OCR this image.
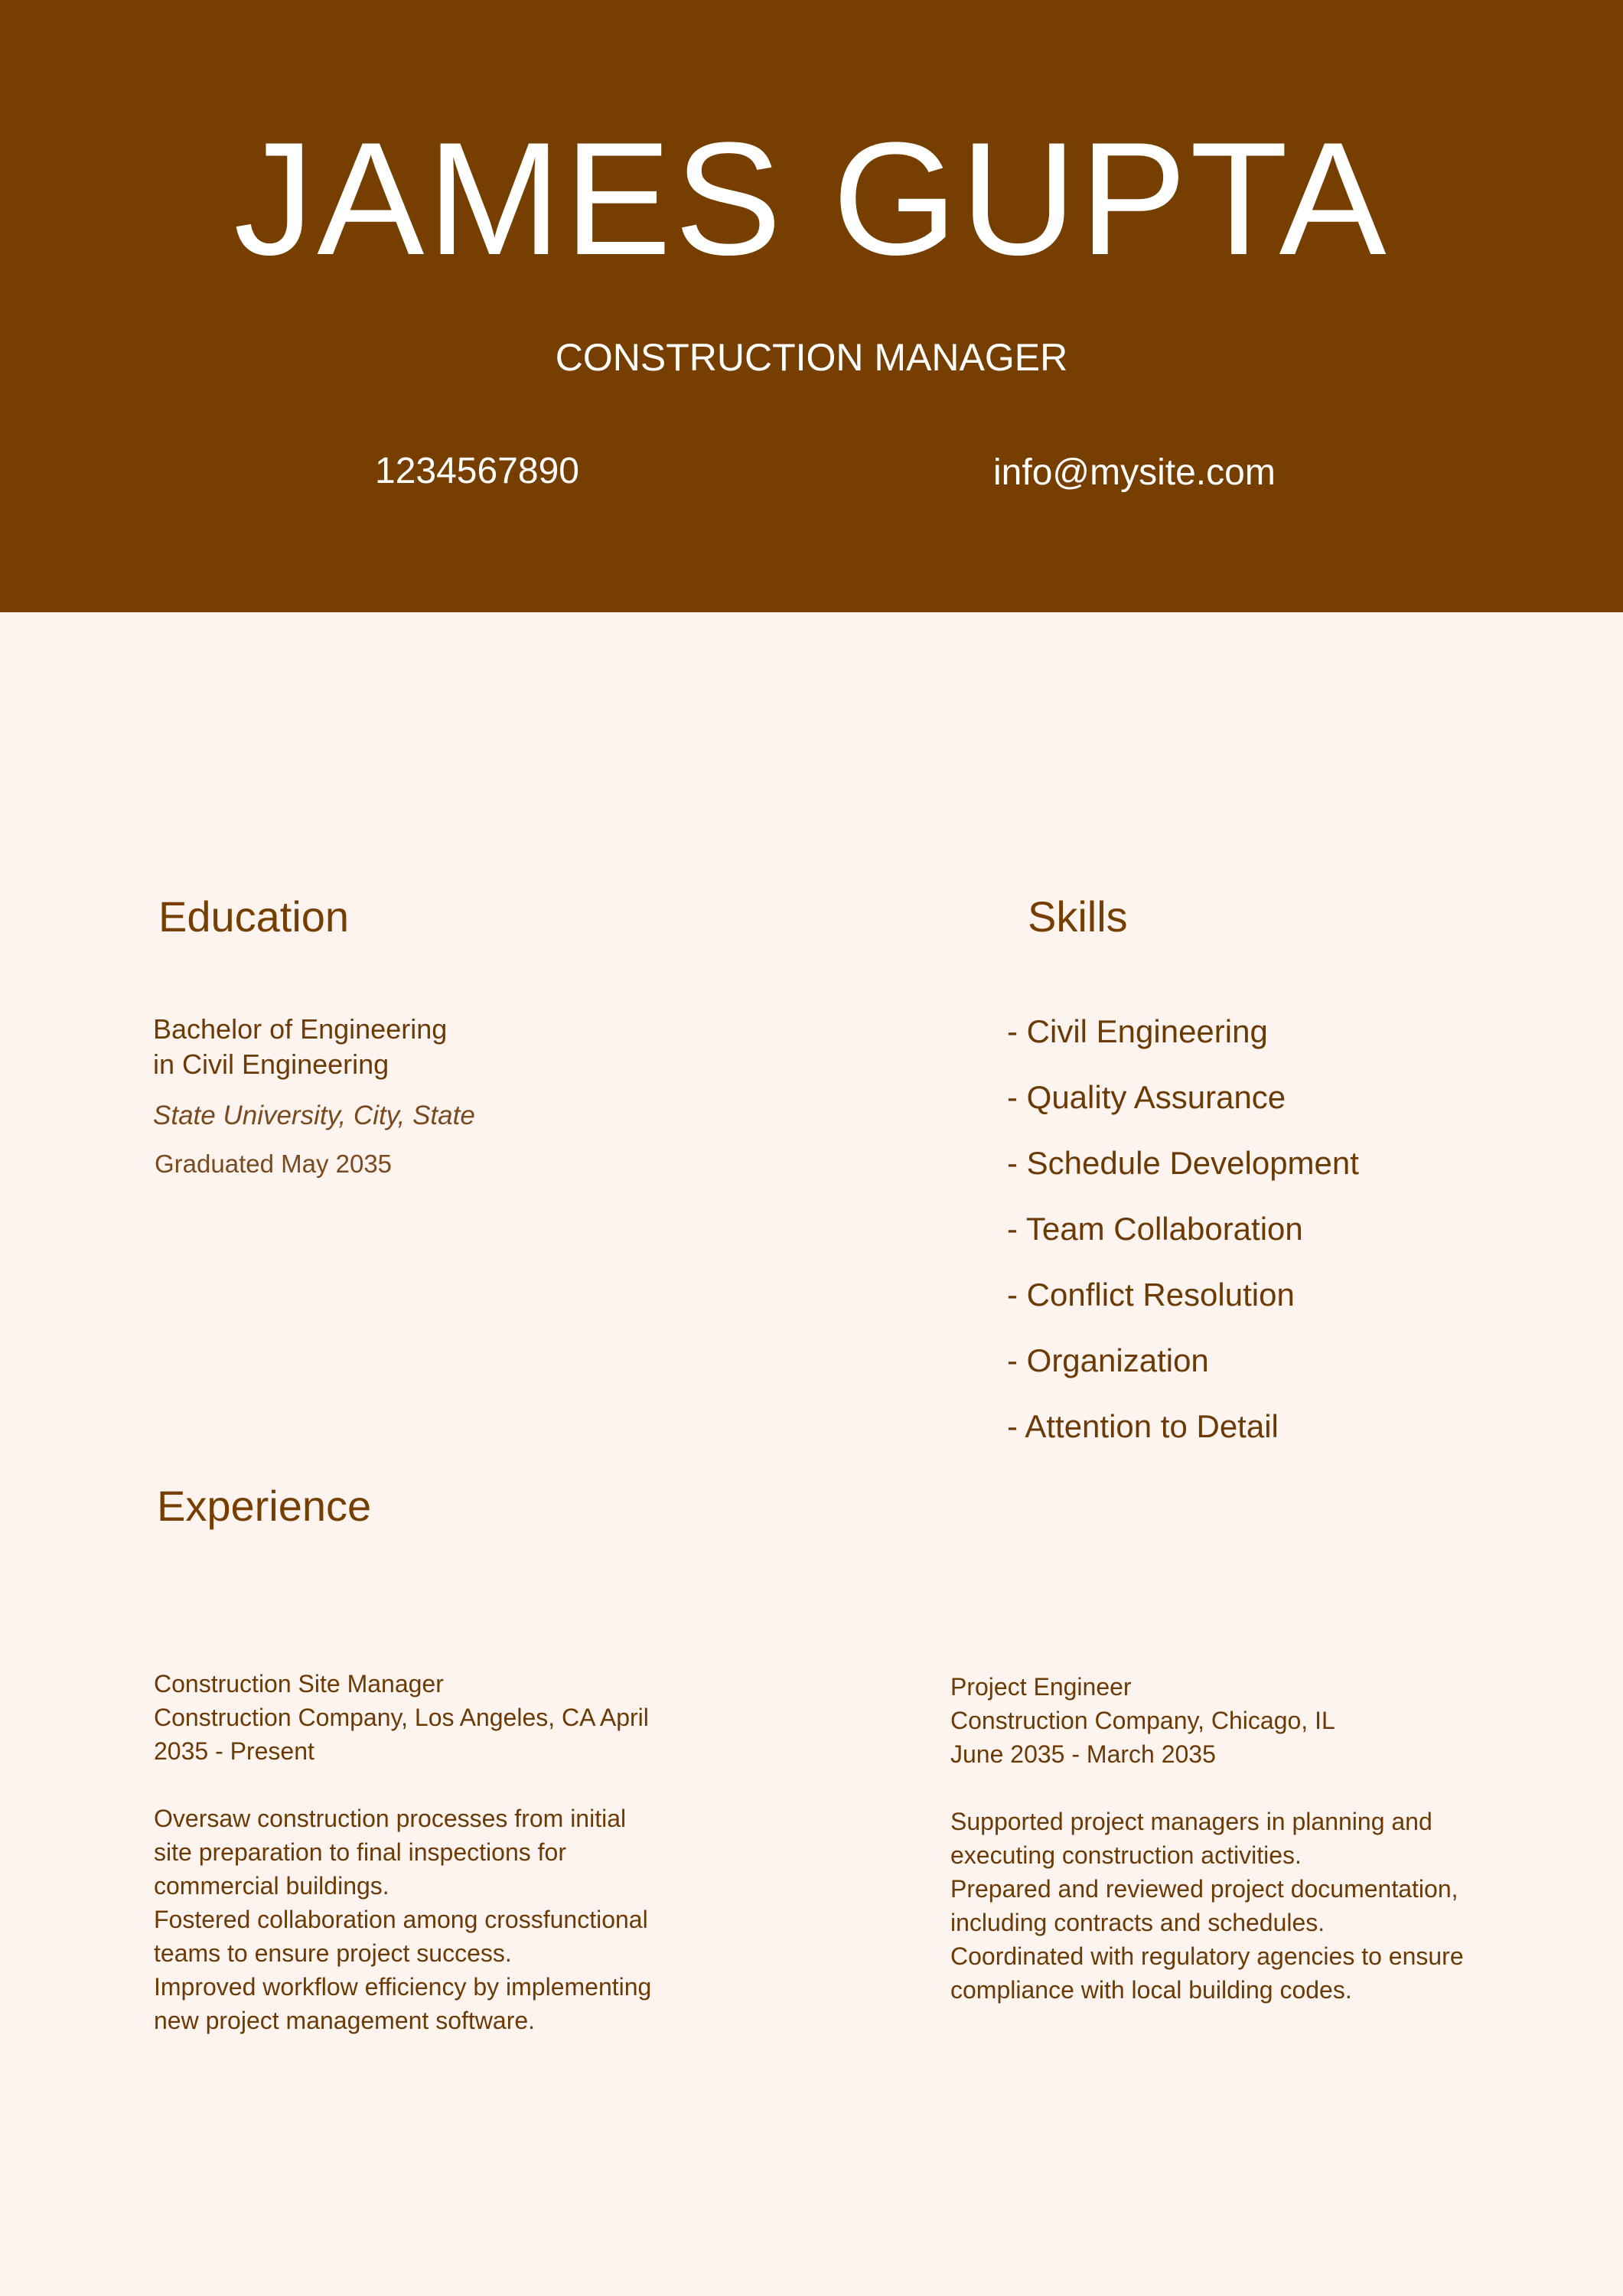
JAMES GUPTA
CONSTRUCTION MANAGER
1234567890	info@mysite.com
Education
Bachelor of Engineering
in Civil Engineering
State University, City, State
Graduated May 2035
Skills
- Civil Engineering
- Quality Assurance
- Schedule Development
- Team Collaboration
- Conflict Resolution
- Organization
- Attention to Detail
Experience

Construction Site Manager

Construction Company, Los Angeles, CA April

2035 - Present

Oversaw construction processes from initial

site preparation to final inspections for

commercial buildings.

Fostered collaboration among crossfunctional

teams to ensure project success.

Improved workflow efficiency by implementing

new project management software.

Project Engineer

Construction Company, Chicago, IL

June 2035 - March 2035

Supported project managers in planning and

executing construction activities.

Prepared and reviewed project documentation,

including contracts and schedules.

Coordinated with regulatory agencies to ensure

compliance with local building codes.
